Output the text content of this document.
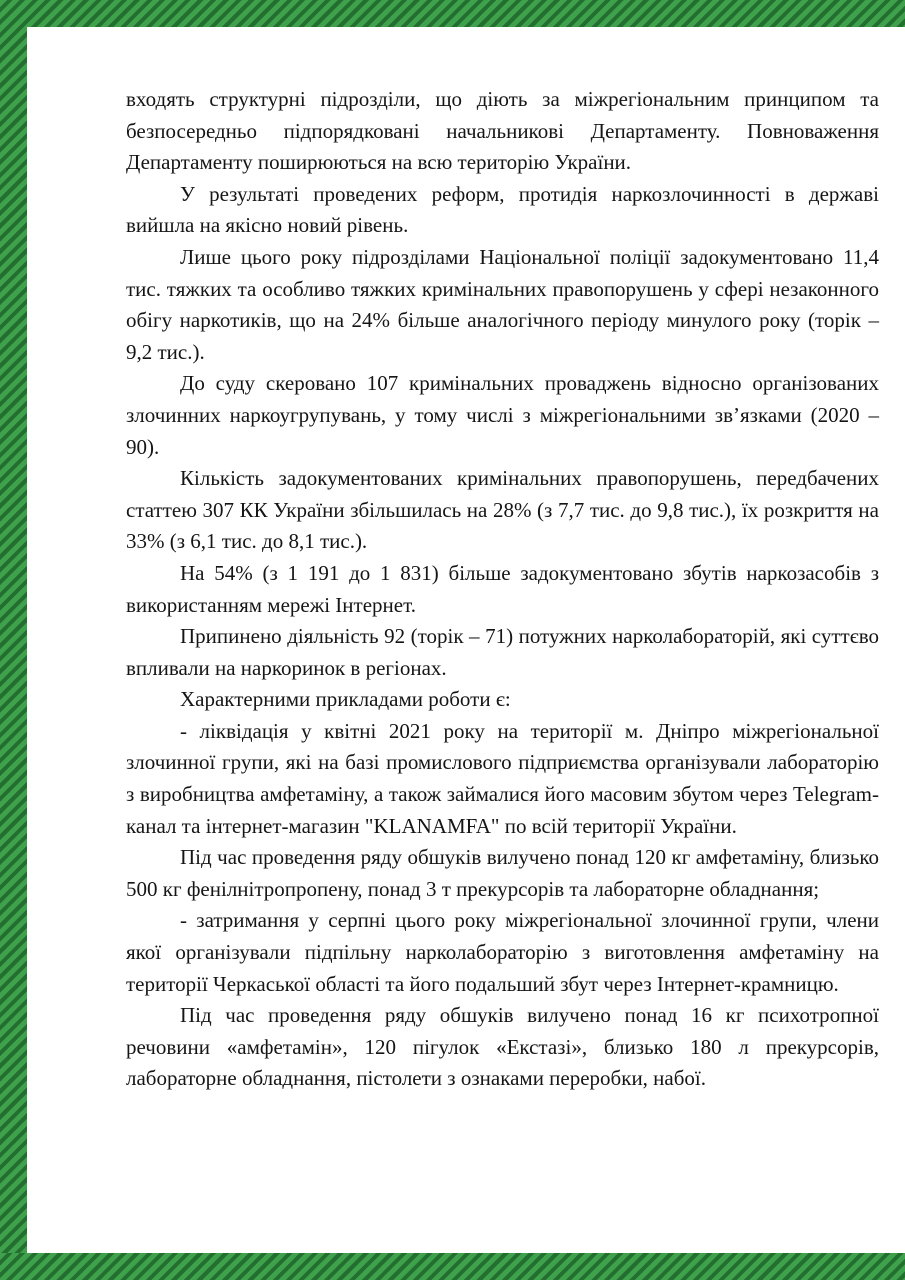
входять структурні підрозділи, що діють за міжрегіональним принципом та безпосередньо підпорядковані начальникові Департаменту. Повноваження Департаменту поширюються на всю територію України.

У результаті проведених реформ, протидія наркозлочинності в державі вийшла на якісно новий рівень.

Лише цього року підрозділами Національної поліції задокументовано 11,4 тис. тяжких та особливо тяжких кримінальних правопорушень у сфері незаконного обігу наркотиків, що на 24% більше аналогічного періоду минулого року (торік – 9,2 тис.).

До суду скеровано 107 кримінальних проваджень відносно організованих злочинних наркоугрупувань, у тому числі з міжрегіональними зв’язками (2020 – 90).

Кількість задокументованих кримінальних правопорушень, передбачених статтею 307 КК України збільшилась на 28% (з 7,7 тис. до 9,8 тис.), їх розкриття на 33% (з 6,1 тис. до 8,1 тис.).

На 54% (з 1 191 до 1 831) більше задокументовано збутів наркозасобів з використанням мережі Інтернет.

Припинено діяльність 92 (торік – 71) потужних нарколабораторій, які суттєво впливали на наркоринок в регіонах.

Характерними прикладами роботи є:

- ліквідація у квітні 2021 року на території м. Дніпро міжрегіональної злочинної групи, які на базі промислового підприємства організували лабораторію з виробництва амфетаміну, а також займалися його масовим збутом через Telegram-канал та інтернет-магазин "KLANAMFA" по всій території України.

Під час проведення ряду обшуків вилучено понад 120 кг амфетаміну, близько 500 кг фенілнітропропену, понад 3 т прекурсорів та лабораторне обладнання;

- затримання у серпні цього року міжрегіональної злочинної групи, члени якої організували підпільну нарколабораторію з виготовлення амфетаміну на території Черкаської області та його подальший збут через Інтернет-крамницю.

Під час проведення ряду обшуків вилучено понад 16 кг психотропної речовини «амфетамін», 120 пігулок «Екстазі», близько 180 л прекурсорів, лабораторне обладнання, пістолети з ознаками переробки, набої.
